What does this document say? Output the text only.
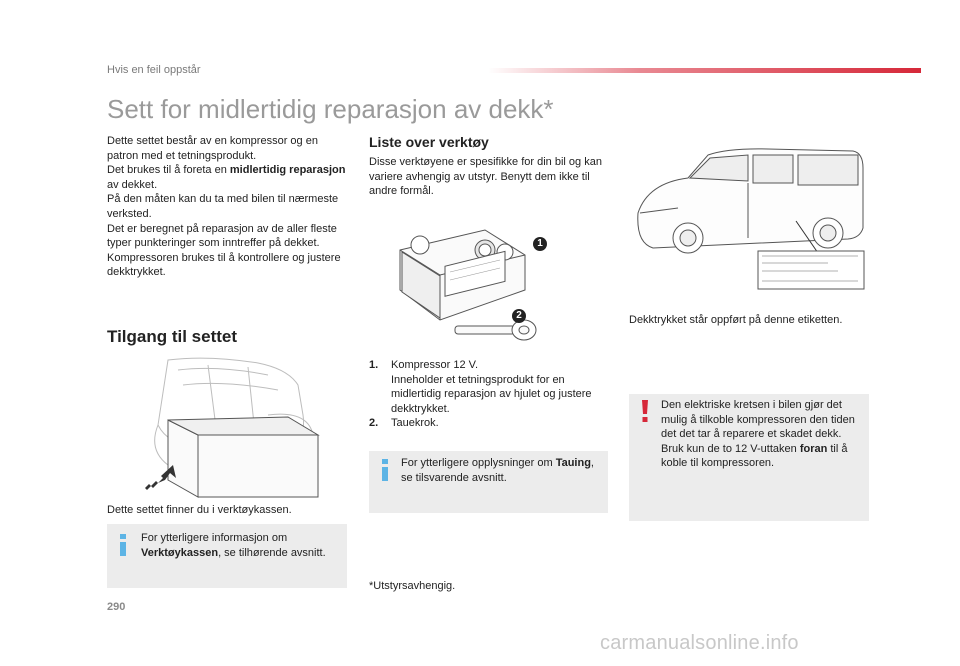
Hvis en feil oppstår
Sett for midlertidig reparasjon av dekk*

Dette settet består av en kompressor og en patron med et tetningsprodukt.

Det brukes til å foreta en midlertidig reparasjon av dekket.

På den måten kan du ta med bilen til nærmeste verksted.

Det er beregnet på reparasjon av de aller fleste typer punkteringer som inntreffer på dekket.

Kompressoren brukes til å kontrollere og justere dekktrykket.

Tilgang til settet
Dette settet finner du i verktøykassen.
For ytterligere informasjon om Verktøykassen, se tilhørende avsnitt.
Liste over verktøy

Disse verktøyene er spesifikke for din bil og kan variere avhengig av utstyr. Benytt dem ikke til andre formål.

1
2
1. Kompressor 12 V.
Inneholder et tetningsprodukt for en midlertidig reparasjon av hjulet og justere dekktrykket.
2. Tauekrok.
For ytterligere opplysninger om Tauing, se tilsvarende avsnitt.
*Utstyrsavhengig.
Dekktrykket står oppført på denne etiketten.
Den elektriske kretsen i bilen gjør det mulig å tilkoble kompressoren den tiden det det tar å reparere et skadet dekk. Bruk kun de to 12 V-uttaken foran til å koble til kompressoren.
290
carmanualsonline.info
